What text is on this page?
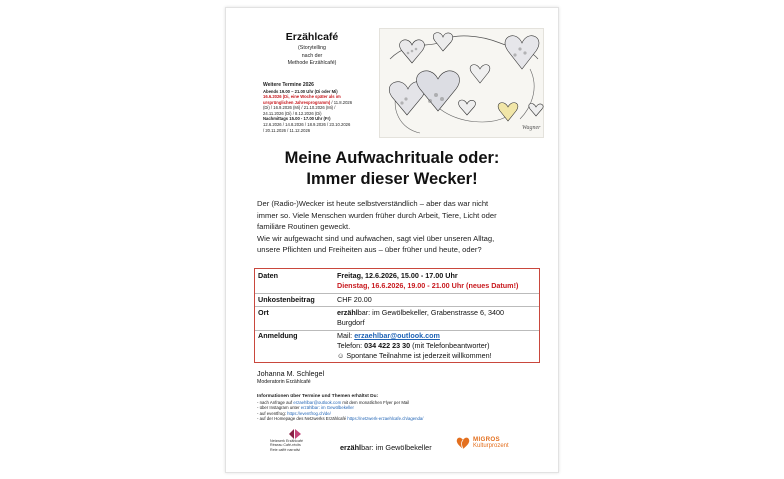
Erzählcafé
(Storytelling
nach der
Methode Erzählcafé)
Weitere Termine 2026
Abends 19.00 – 21.00 Uhr (Di oder Mi)
16.6.2026 (Di, eine Woche später als im
ursprünglichen Jahresprogramm) / 11.8.2026
(Di) / 16.9.2026 (Mi) / 21.10.2026 (Mi) /
24.11.2026 (Di) / 8.12.2026 (Di)
Nachmittags 15.00 - 17.00 Uhr (Fr)
12.6.2026 / 14.8.2026 / 18.9.2026 / 23.10.2026
/ 20.11.2026 / 11.12.2026	Wagner
Meine Aufwachrituale oder:
Immer dieser Wecker!
Der (Radio-)Wecker ist heute selbstverständlich – aber das war nicht
immer so. Viele Menschen wurden früher durch Arbeit, Tiere, Licht oder
familiäre Routinen geweckt.
Wie wir aufgewacht sind und aufwachen, sagt viel über unseren Alltag,
unsere Pflichten und Freiheiten aus – über früher und heute, oder?
Daten	Freitag, 12.6.2026, 15.00 - 17.00 Uhr
Dienstag, 16.6.2026, 19.00 - 21.00 Uhr (neues Datum!)
Unkostenbeitrag	CHF 20.00
Ort	erzählbar: im Gewölbekeller, Grabenstrasse 6, 3400
Burgdorf
Anmeldung	Mail: erzaehlbar@outlook.com
Telefon: 034 422 23 30 (mit Telefonbeantworter)
☺ Spontane Teilnahme ist jederzeit willkommen!
Johanna M. Schlegel
Moderatorin Erzählcafé
Informationen über Termine und Themen erhältst Du:
- nach Anfrage auf erzaehlbar@outlook.com mit dem monatlichen Flyer per Mail
- über Instagram unter erzählbar: im Gewölbekeller
- auf eventfrog: https://eventfrog.ch/de/
- auf der Homepage des Netzwerks Erzählcafé https://netzwerk-erzaehlcafe.ch/agenda/
Netzwerk Erzählcafé
Réseau Café-récits
Rete caffè narrativi	erzählbar: im Gewölbekeller
MIGROS
Kulturprozent
